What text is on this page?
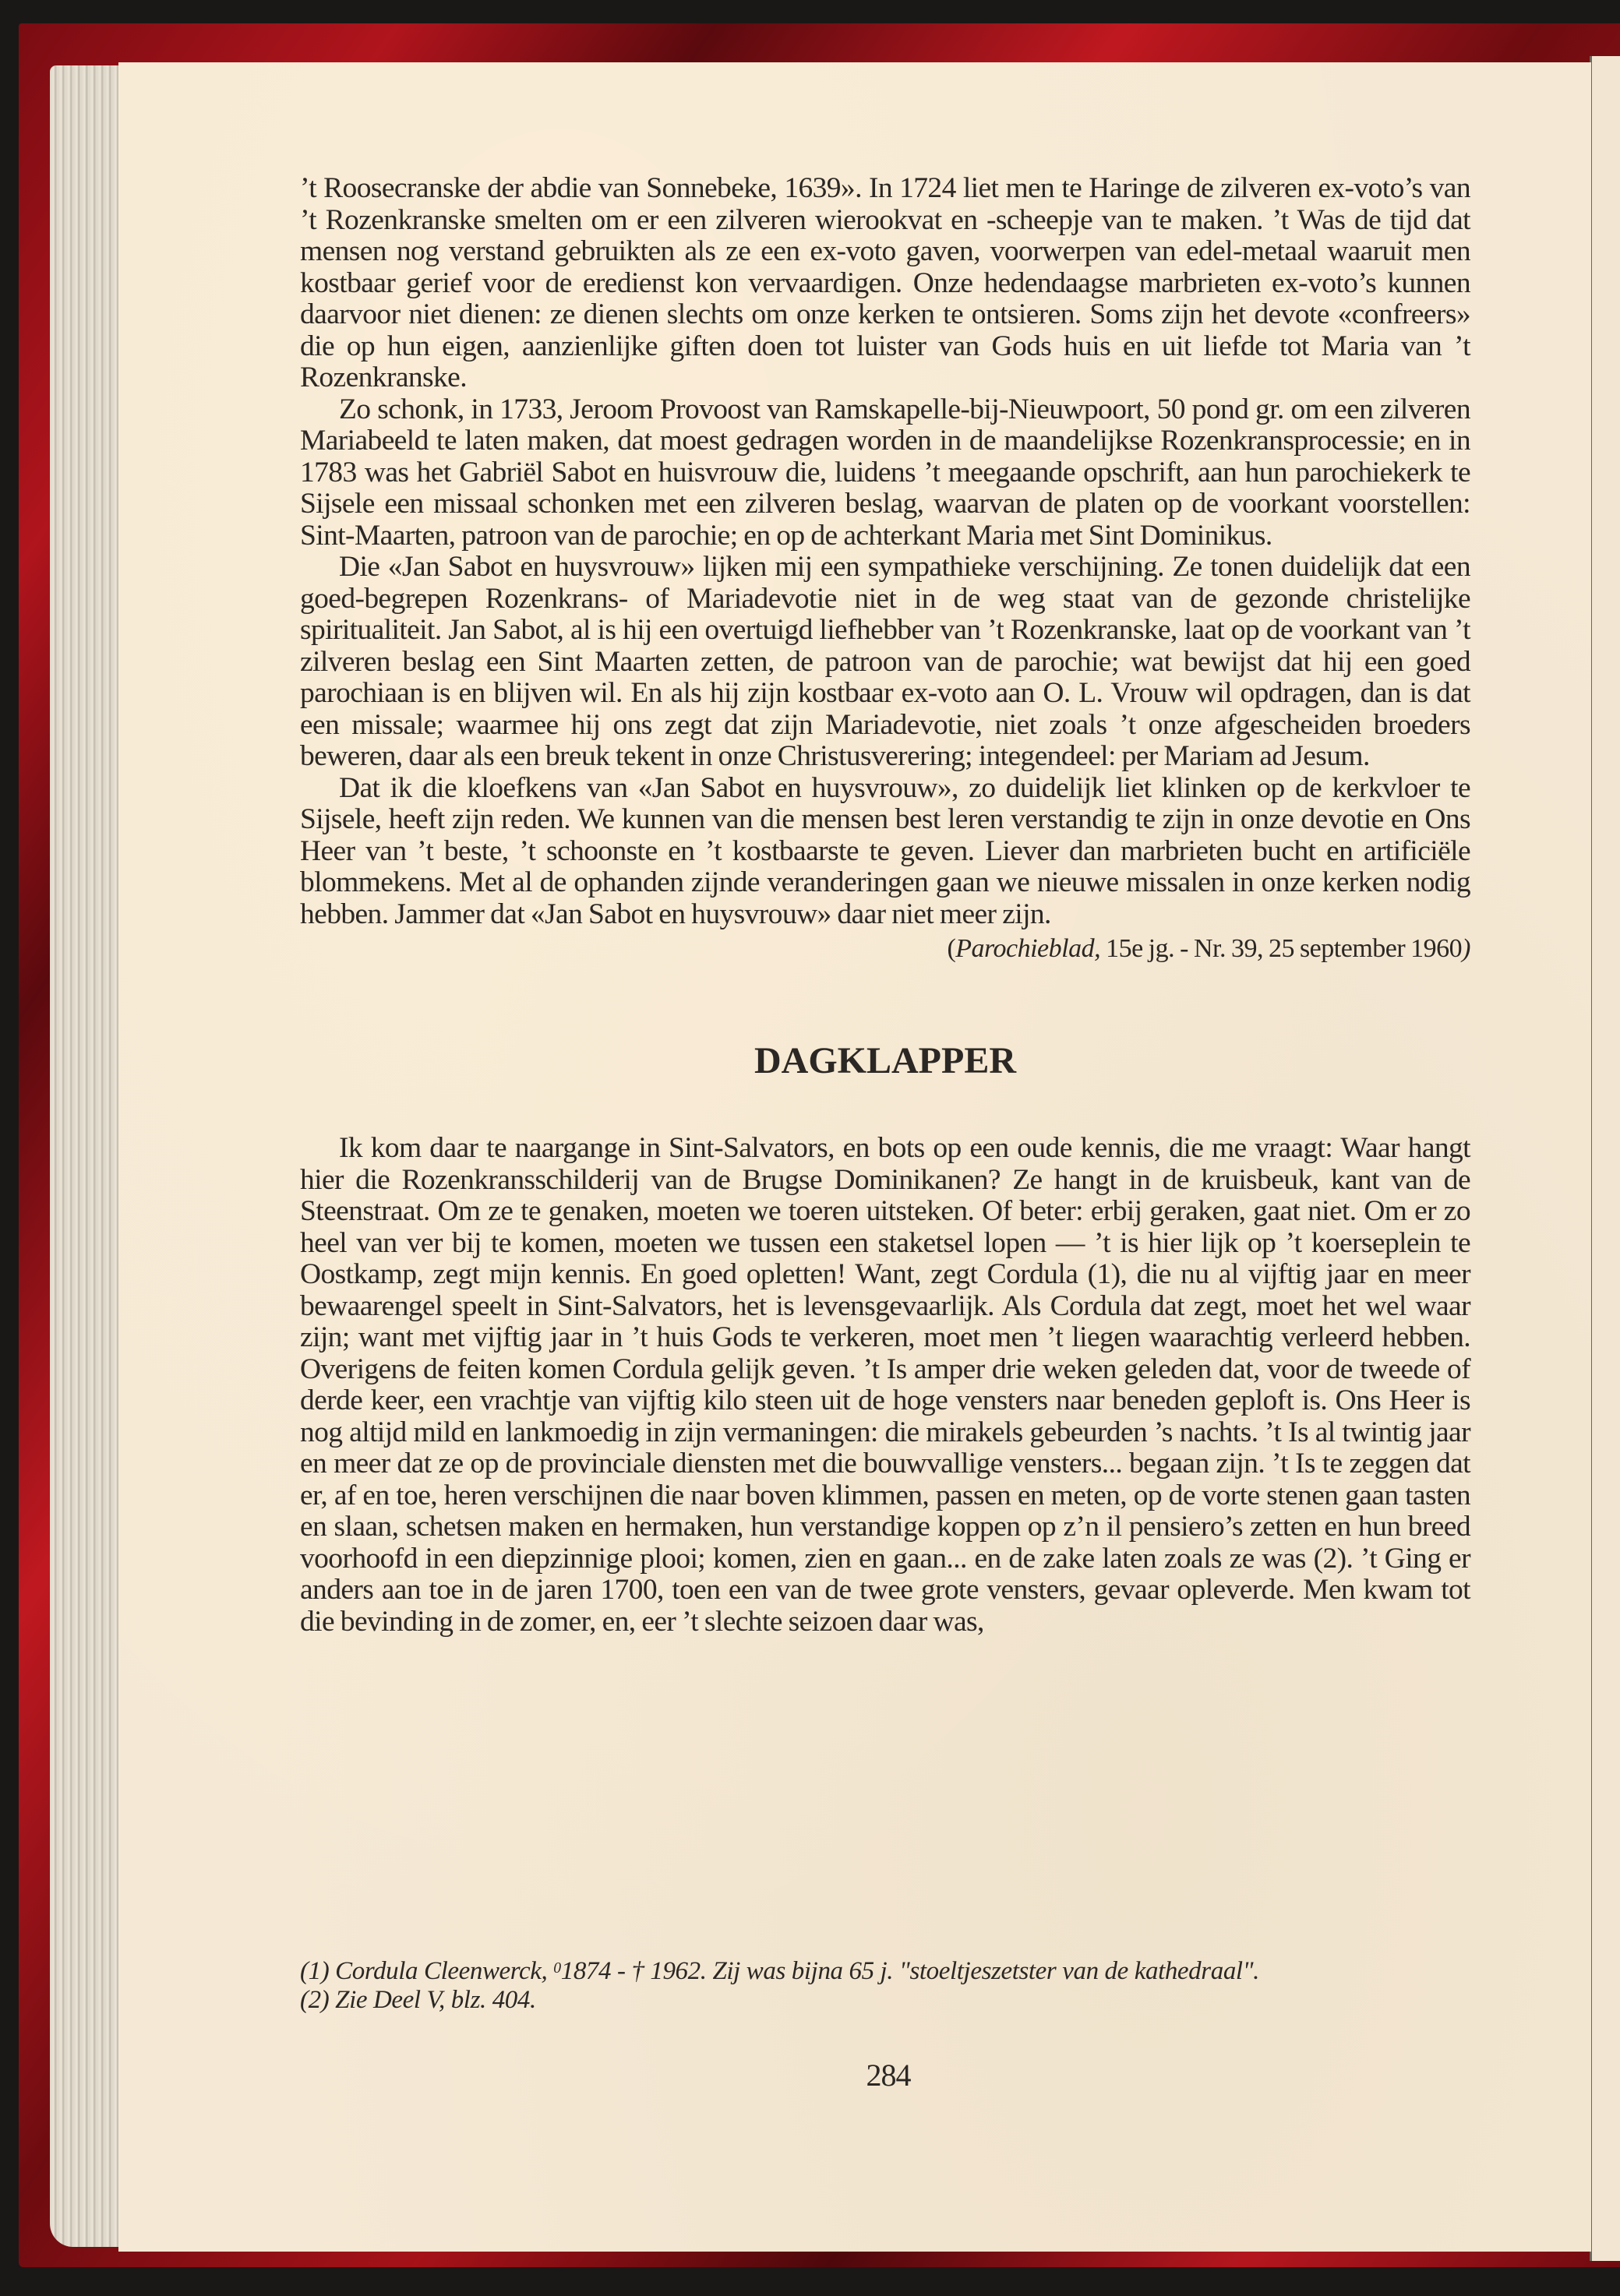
’t Roosecranske der abdie van Sonnebeke, 1639». In 1724 liet men te Haringe de zilveren ex-voto’s van ’t Rozenkranske smelten om er een zilveren wierookvat en -scheepje van te maken. ’t Was de tijd dat mensen nog verstand gebruikten als ze een ex-voto gaven, voorwerpen van edel-metaal waaruit men kostbaar gerief voor de eredienst kon vervaardigen. Onze hedendaagse marbrieten ex-voto’s kunnen daarvoor niet dienen: ze dienen slechts om onze kerken te ontsieren. Soms zijn het devote «confreers» die op hun eigen, aanzienlijke giften doen tot luister van Gods huis en uit liefde tot Maria van ’t Rozenkranske.

Zo schonk, in 1733, Jeroom Provoost van Ramskapelle-bij-Nieuwpoort, 50 pond gr. om een zilveren Mariabeeld te laten maken, dat moest gedragen worden in de maandelijkse Rozenkransprocessie; en in 1783 was het Gabriël Sabot en huisvrouw die, luidens ’t meegaande opschrift, aan hun parochiekerk te Sijsele een missaal schonken met een zilveren beslag, waarvan de platen op de voorkant voorstellen: Sint-Maarten, patroon van de parochie; en op de achterkant Maria met Sint Dominikus.

Die «Jan Sabot en huysvrouw» lijken mij een sympathieke verschijning. Ze tonen duidelijk dat een goed-begrepen Rozenkrans- of Mariadevotie niet in de weg staat van de gezonde christelijke spiritualiteit. Jan Sabot, al is hij een overtuigd liefhebber van ’t Rozenkranske, laat op de voorkant van ’t zilveren beslag een Sint Maarten zetten, de patroon van de parochie; wat bewijst dat hij een goed parochiaan is en blijven wil. En als hij zijn kostbaar ex-voto aan O. L. Vrouw wil opdragen, dan is dat een missale; waarmee hij ons zegt dat zijn Mariadevotie, niet zoals ’t onze afgescheiden broeders beweren, daar als een breuk tekent in onze Christusverering; integendeel: per Mariam ad Jesum.

Dat ik die kloefkens van «Jan Sabot en huysvrouw», zo duidelijk liet klinken op de kerkvloer te Sijsele, heeft zijn reden. We kunnen van die mensen best leren verstandig te zijn in onze devotie en Ons Heer van ’t beste, ’t schoonste en ’t kostbaarste te geven. Liever dan marbrieten bucht en artificiële blommekens. Met al de ophanden zijnde veranderingen gaan we nieuwe missalen in onze kerken nodig hebben. Jammer dat «Jan Sabot en huysvrouw» daar niet meer zijn.

(Parochieblad, 15e jg. - Nr. 39, 25 september 1960)
DAGKLAPPER

Ik kom daar te naargange in Sint-Salvators, en bots op een oude kennis, die me vraagt: Waar hangt hier die Rozenkransschilderij van de Brugse Dominikanen? Ze hangt in de kruisbeuk, kant van de Steenstraat. Om ze te genaken, moeten we toeren uitsteken. Of beter: erbij geraken, gaat niet. Om er zo heel van ver bij te komen, moeten we tussen een staketsel lopen — ’t is hier lijk op ’t koerseplein te Oostkamp, zegt mijn kennis. En goed opletten! Want, zegt Cordula (1), die nu al vijftig jaar en meer bewaarengel speelt in Sint-Salvators, het is levensgevaarlijk. Als Cordula dat zegt, moet het wel waar zijn; want met vijftig jaar in ’t huis Gods te verkeren, moet men ’t liegen waarachtig verleerd hebben. Overigens de feiten komen Cordula gelijk geven. ’t Is amper drie weken geleden dat, voor de tweede of derde keer, een vrachtje van vijftig kilo steen uit de hoge vensters naar beneden geploft is. Ons Heer is nog altijd mild en lankmoedig in zijn vermaningen: die mirakels gebeurden ’s nachts. ’t Is al twintig jaar en meer dat ze op de provinciale diensten met die bouwvallige vensters... begaan zijn. ’t Is te zeggen dat er, af en toe, heren verschijnen die naar boven klimmen, passen en meten, op de vorte stenen gaan tasten en slaan, schetsen maken en hermaken, hun verstandige koppen op z’n il pensiero’s zetten en hun breed voorhoofd in een diepzinnige plooi; komen, zien en gaan... en de zake laten zoals ze was (2). ’t Ging er anders aan toe in de jaren 1700, toen een van de twee grote vensters, gevaar opleverde. Men kwam tot die bevinding in de zomer, en, eer ’t slechte seizoen daar was,

(1) Cordula Cleenwerck, $^0$1874 - † 1962. Zij was bijna 65 j. "stoeltjeszetster van de kathedraal".
(2) Zie Deel V, blz. 404.
284
